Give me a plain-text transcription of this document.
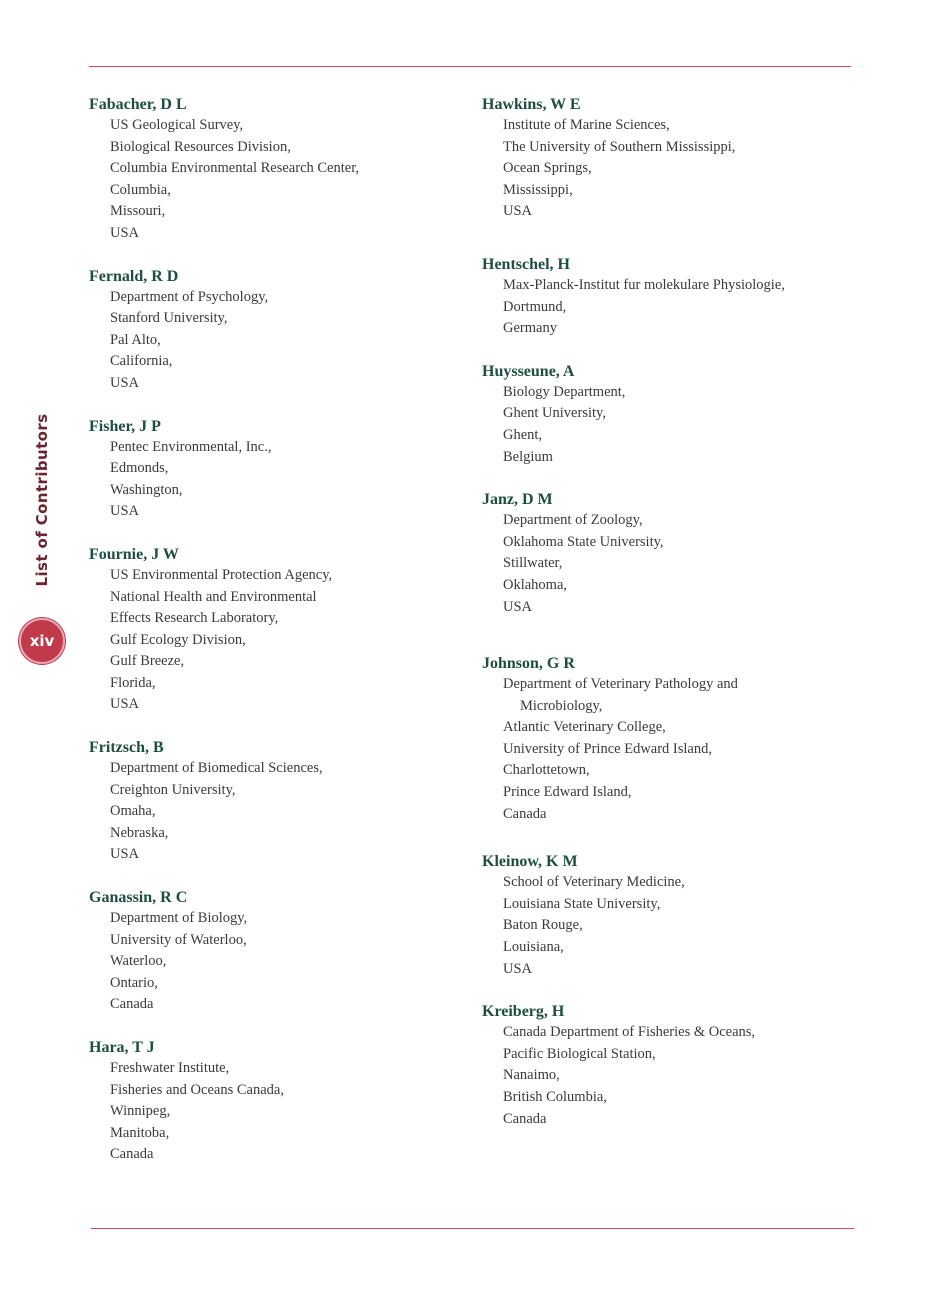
List of Contributors
xiv
Fabacher, D L
US Geological Survey,
Biological Resources Division,
Columbia Environmental Research Center,
Columbia,
Missouri,
USA
Fernald, R D
Department of Psychology,
Stanford University,
Pal Alto,
California,
USA
Fisher, J P
Pentec Environmental, Inc.,
Edmonds,
Washington,
USA
Fournie, J W
US Environmental Protection Agency,
National Health and Environmental
Effects Research Laboratory,
Gulf Ecology Division,
Gulf Breeze,
Florida,
USA
Fritzsch, B
Department of Biomedical Sciences,
Creighton University,
Omaha,
Nebraska,
USA
Ganassin, R C
Department of Biology,
University of Waterloo,
Waterloo,
Ontario,
Canada
Hara, T J
Freshwater Institute,
Fisheries and Oceans Canada,
Winnipeg,
Manitoba,
Canada
Hawkins, W E
Institute of Marine Sciences,
The University of Southern Mississippi,
Ocean Springs,
Mississippi,
USA
Hentschel, H
Max-Planck-Institut fur molekulare Physiologie,
Dortmund,
Germany
Huysseune, A
Biology Department,
Ghent University,
Ghent,
Belgium
Janz, D M
Department of Zoology,
Oklahoma State University,
Stillwater,
Oklahoma,
USA
Johnson, G R
Department of Veterinary Pathology and
Microbiology,
Atlantic Veterinary College,
University of Prince Edward Island,
Charlottetown,
Prince Edward Island,
Canada
Kleinow, K M
School of Veterinary Medicine,
Louisiana State University,
Baton Rouge,
Louisiana,
USA
Kreiberg, H
Canada Department of Fisheries & Oceans,
Pacific Biological Station,
Nanaimo,
British Columbia,
Canada
